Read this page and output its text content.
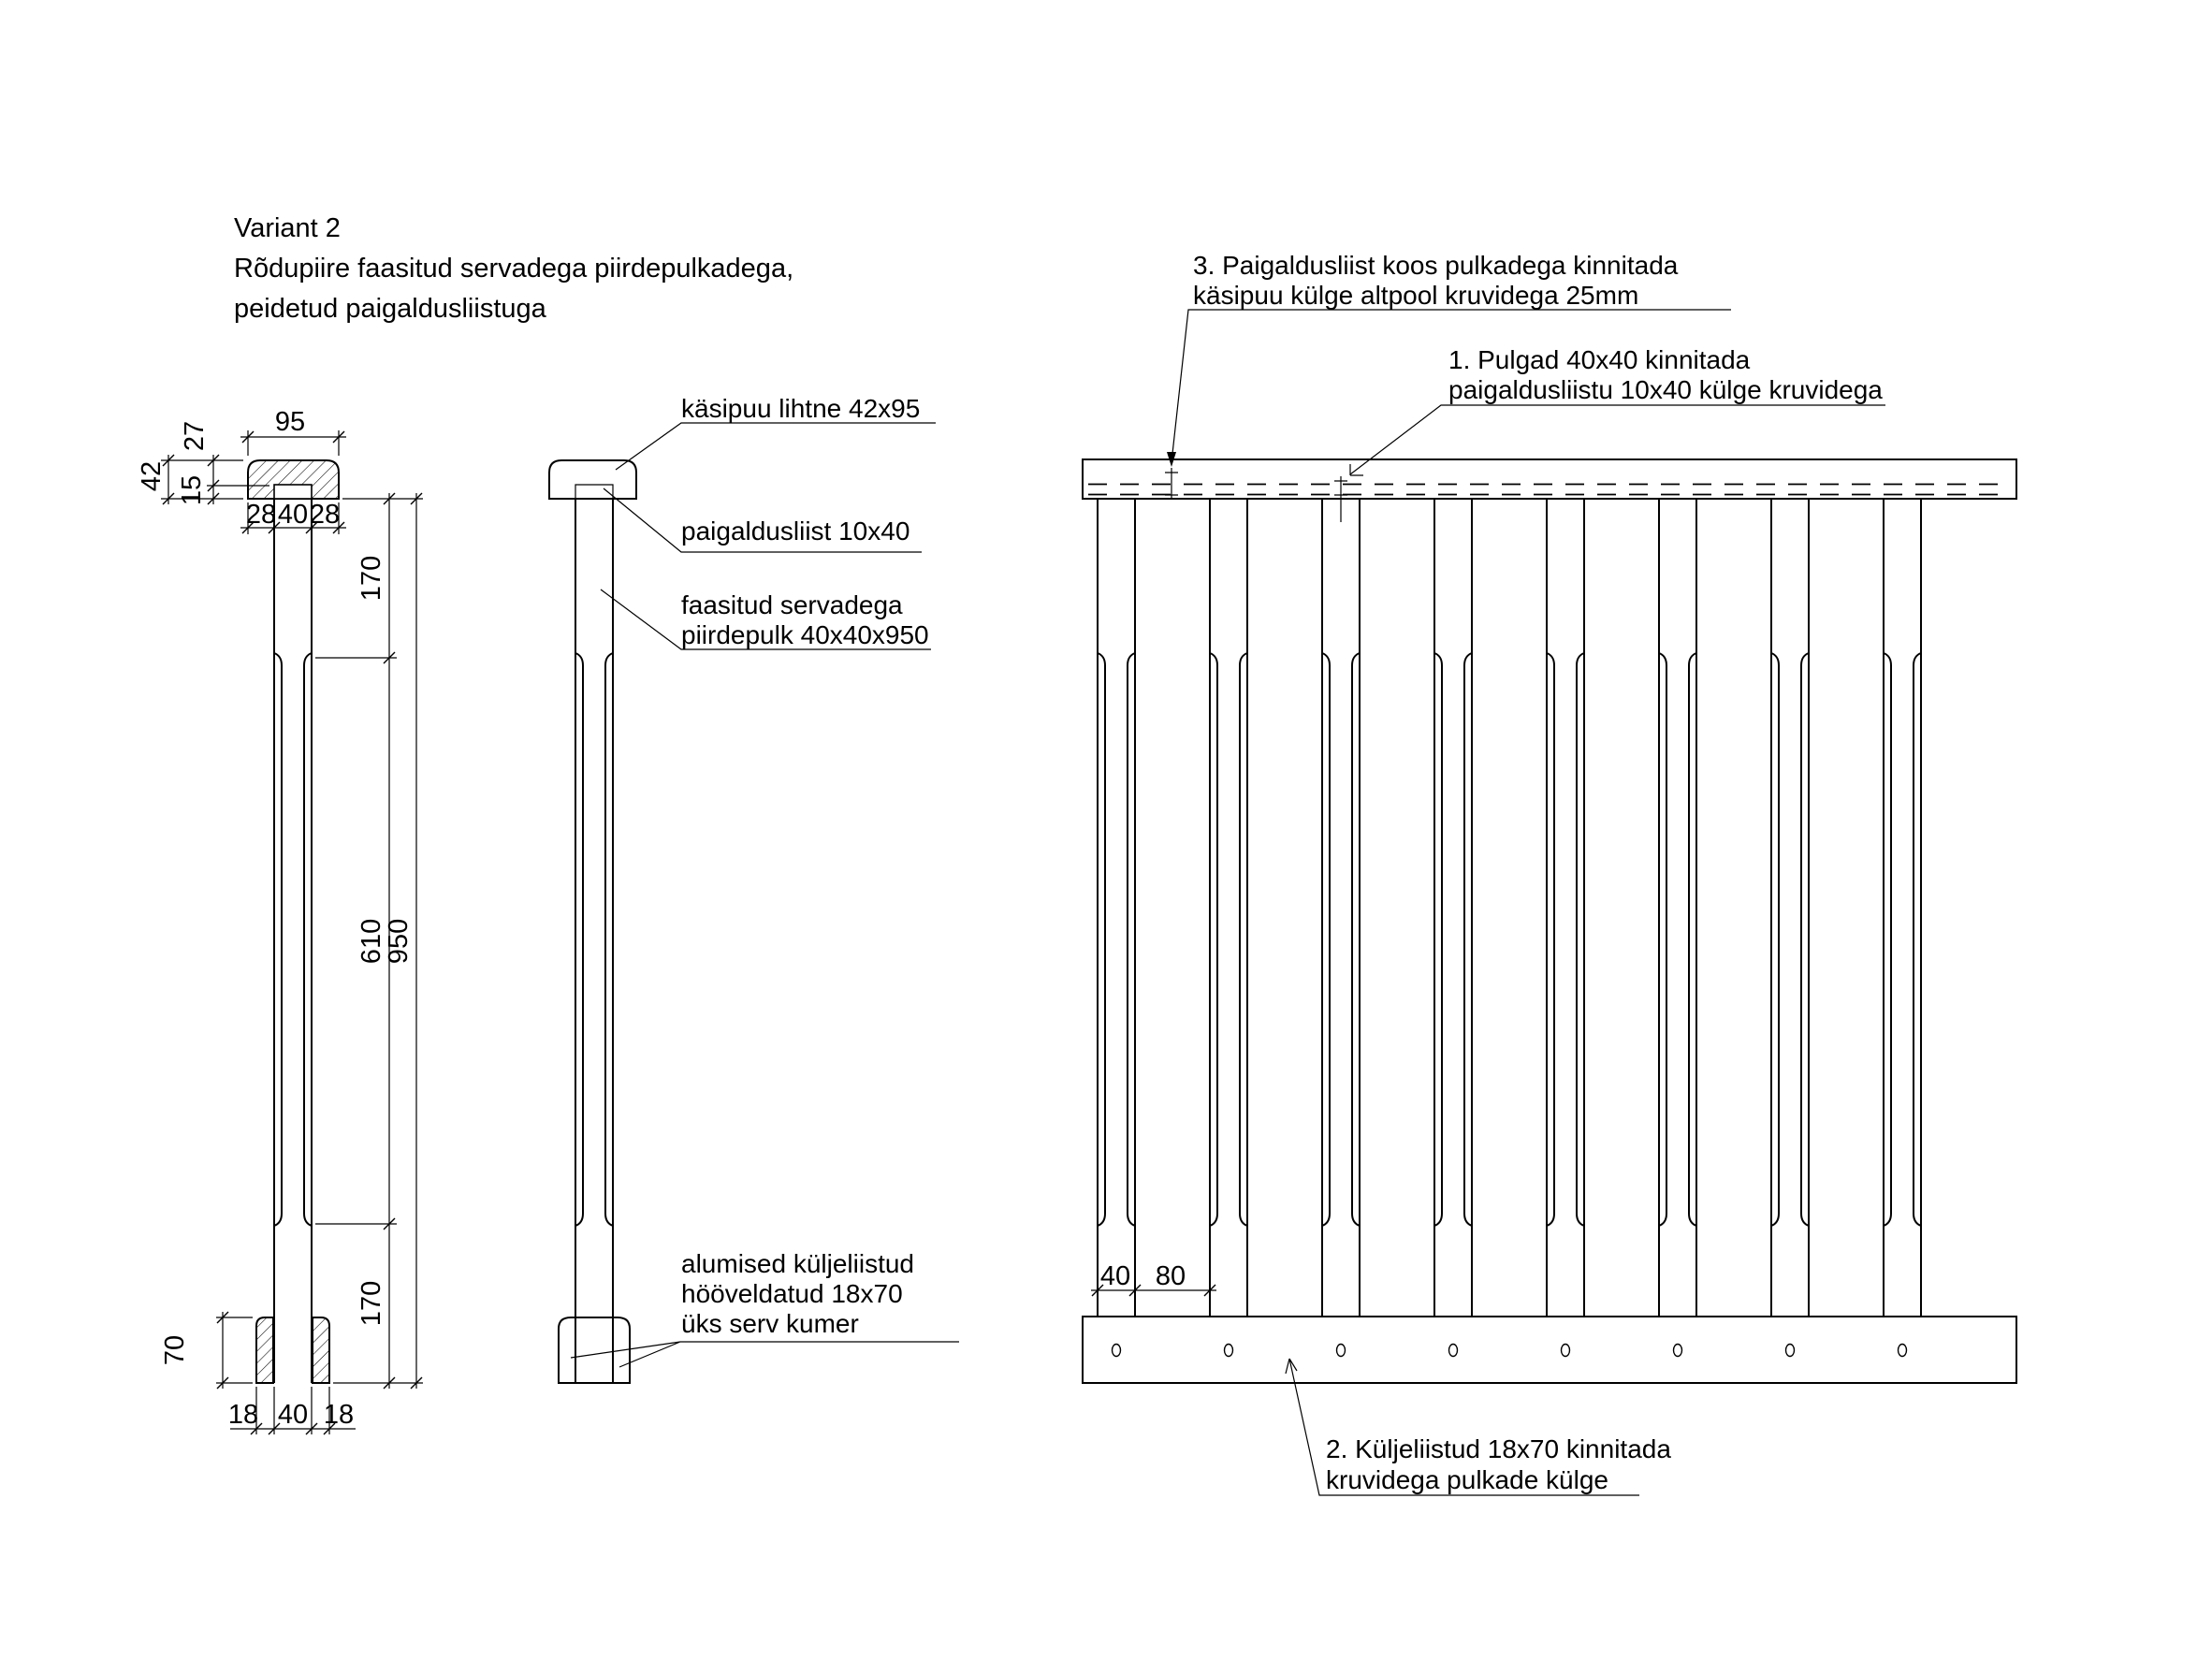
Variant 2
Rõdupiire faasitud servadega piirdepulkadega,
peidetud paigaldusliistuga
95
42
27
15
28 40 28
170
610
950
170
70
18 40 18
käsipuu lihtne 42x95
paigaldusliist 10x40
faasitud servadega
piirdepulk 40x40x950
alumised küljeliistud
hööveldatud 18x70
üks serv kumer
3. Paigaldusliist koos pulkadega kinnitada
käsipuu külge altpool kruvidega 25mm
1. Pulgad 40x40 kinnitada
paigaldusliistu 10x40 külge kruvidega
2. Küljeliistud 18x70 kinnitada
kruvidega pulkade külge
40 80
